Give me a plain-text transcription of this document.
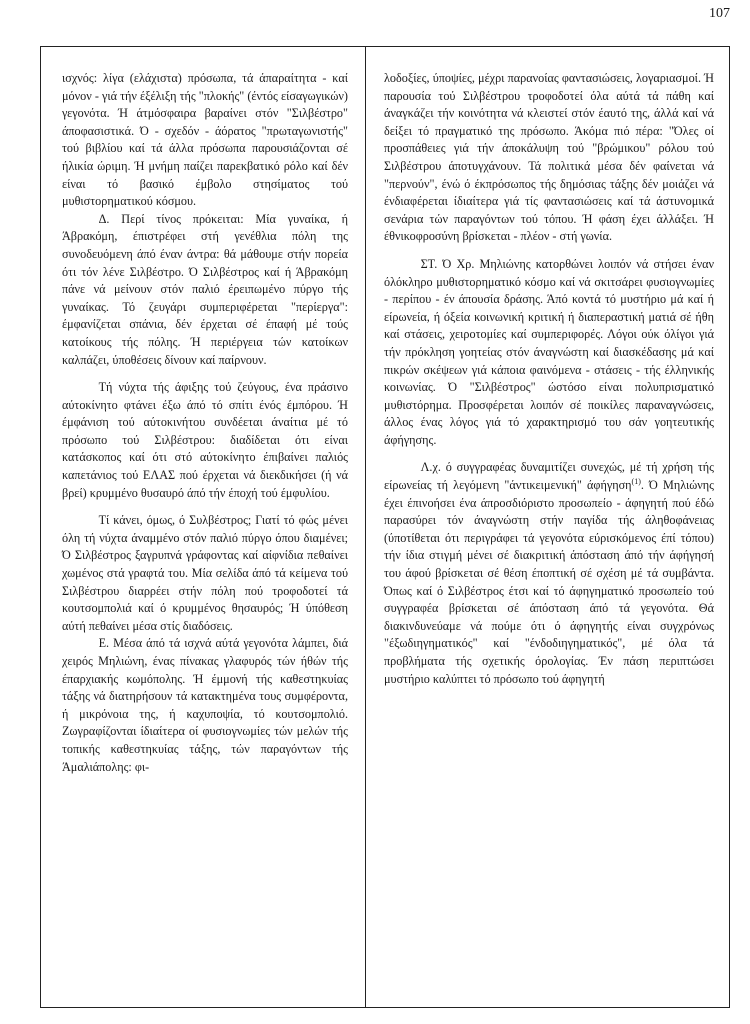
107

ισχνός: λίγα (ελάχιστα) πρόσωπα, τά άπαραίτητα - καί μόνον - γιά τήν έξέλιξη τής "πλοκής" (έντός είσαγωγικών) γεγονότα. Ή άτμόσφαιρα βαραίνει στόν "Σιλβέστρο" άποφασιστικά. Ό - σχεδόν - άόρατος "πρωταγωνιστής" τού βιβλίου καί τά άλλα πρόσωπα παρουσιάζονται σέ ήλικία ώριμη. Ή μνήμη παίζει παρεκβατικό ρόλο καί δέν είναι τό βασικό έμβολο στησίματος τού μυθιστορηματικού κόσμου.

Δ. Περί τίνος πρόκειται: Μία γυναίκα, ή Άβρακόμη, έπιστρέφει στή γενέθλια πόλη της συνοδευόμενη άπό έναν άντρα: θά μάθουμε στήν πορεία ότι τόν λένε Σιλβέστρο. Ό Σιλβέστρος καί ή Άβρακόμη πάνε νά μείνουν στόν παλιό έρειπωμένο πύργο τής γυναίκας. Τό ζευγάρι συμπεριφέρεται "περίεργα": έμφανίζεται σπάνια, δέν έρχεται σέ έπαφή μέ τούς κατοίκους τής πόλης. Ή περιέργεια τών κατοίκων καλπάζει, ύποθέσεις δίνουν καί παίρνουν.

Τή νύχτα τής άφιξης τού ζεύγους, ένα πράσινο αύτοκίνητο φτάνει έξω άπό τό σπίτι ένός έμπόρου. Ή έμφάνιση τού αύτοκινήτου συνδέεται άναίτια μέ τό πρόσωπο τού Σιλβέστρου: διαδίδεται ότι είναι κατάσκοπος καί ότι στό αύτοκίνητο έπιβαίνει παλιός καπετάνιος τού ΕΛΑΣ πού έρχεται νά διεκδικήσει (ή νά βρεί) κρυμμένο θυσαυρό άπό τήν έποχή τού έμφυλίου.

Τί κάνει, όμως, ό Συλβέστρος; Γιατί τό φώς μένει όλη τή νύχτα άναμμένο στόν παλιό πύργο όπου διαμένει; Ό Σιλβέστρος ξαγρυπνά γράφοντας καί αίφνίδια πεθαίνει χωμένος στά γραφτά του. Μία σελίδα άπό τά κείμενα τού Σιλβέστρου διαρρέει στήν πόλη πού τροφοδοτεί τά κουτσομπολιά καί ό κρυμμένος θησαυρός; Ή ύπόθεση αύτή πεθαίνει μέσα στίς διαδόσεις.

Ε. Μέσα άπό τά ισχνά αύτά γεγονότα λάμπει, διά χειρός Μηλιώνη, ένας πίνακας γλαφυρός τών ήθών τής έπαρχιακής κωμόπολης. Ή έμμονή τής καθεστηκυίας τάξης νά διατηρήσουν τά κατακτημένα τους συμφέροντα, ή μικρόνοια της, ή καχυποψία, τό κουτσομπολιό. Ζωγραφίζονται ίδιαίτερα οί φυσιογνωμίες τών μελών τής τοπικής καθεστηκυίας τάξης, τών παραγόντων τής Άμαλιάπολης: φι-

λοδοξίες, ύποψίες, μέχρι παρανοίας φαντασιώσεις, λογαριασμοί. Ή παρουσία τού Σιλβέστρου τροφοδοτεί όλα αύτά τά πάθη καί άναγκάζει τήν κοινότητα νά κλειστεί στόν έαυτό της, άλλά καί νά δείξει τό πραγματικό της πρόσωπο. Άκόμα πιό πέρα: "Όλες οί προσπάθειες γιά τήν άποκάλυψη τού "βρώμικου" ρόλου τού Σιλβέστρου άποτυγχάνουν. Τά πολιτικά μέσα δέν φαίνεται νά "περνούν", ένώ ό έκπρόσωπος τής δημόσιας τάξης δέν μοιάζει νά ένδιαφέρεται ίδιαίτερα γιά τίς φαντασιώσεις καί τά άστυνομικά σενάρια τών παραγόντων τού τόπου. Ή φάση έχει άλλάξει. Ή έθνικοφροσύνη βρίσκεται - πλέον - στή γωνία.

ΣΤ. Ό Χρ. Μηλιώνης κατορθώνει λοιπόν νά στήσει έναν όλόκληρο μυθιστορηματικό κόσμο καί νά σκιτσάρει φυσιογνωμίες - περίπου - έν άπουσία δράσης. Άπό κοντά τό μυστήριο μά καί ή είρωνεία, ή όξεία κοινωνική κριτική ή διαπεραστική ματιά σέ ήθη καί στάσεις, χειροτομίες καί συμπεριφορές. Λόγοι ούκ όλίγοι γιά τήν πρόκληση γοητείας στόν άναγνώστη καί διασκέδασης μά καί πικρών σκέψεων γιά κάποια φαινόμενα - στάσεις - τής έλληνικής κοινωνίας. Ό "Σιλβέστρος" ώστόσο είναι πολυπρισματικό μυθιστόρημα. Προσφέρεται λοιπόν σέ ποικίλες παραναγνώσεις, άλλος ένας λόγος γιά τό χαρακτηρισμό του σάν γοητευτικής άφήγησης.

Λ.χ. ό συγγραφέας δυναμιτίζει συνεχώς, μέ τή χρήση τής είρωνείας τή λεγόμενη "άντικειμενική" άφήγηση$^{(1)}$. Ό Μηλιώνης έχει έπινοήσει ένα άπροσδιόριστο προσωπείο - άφηγητή πού έδώ παρασύρει τόν άναγνώστη στήν παγίδα τής άληθοφάνειας (ύποτίθεται ότι περιγράφει τά γεγονότα εύρισκόμενος έπί τόπου) τήν ίδια στιγμή μένει σέ διακριτική άπόσταση άπό τήν άφήγησή του άφού βρίσκεται σέ θέση έποπτική σέ σχέση μέ τά συμβάντα. Όπως καί ό Σιλβέστρος έτσι καί τό άφηγηματικό προσωπείο τού συγγραφέα βρίσκεται σέ άπόσταση άπό τά γεγονότα. Θά διακινδυνεύαμε νά πούμε ότι ό άφηγητής είναι συγχρόνως "έξωδιηγηματικός" καί "ένδοδιηγηματικός", μέ όλα τά προβλήματα τής σχετικής όρολογίας. Έν πάση περιπτώσει μυστήριο καλύπτει τό πρόσωπο τού άφηγητή
